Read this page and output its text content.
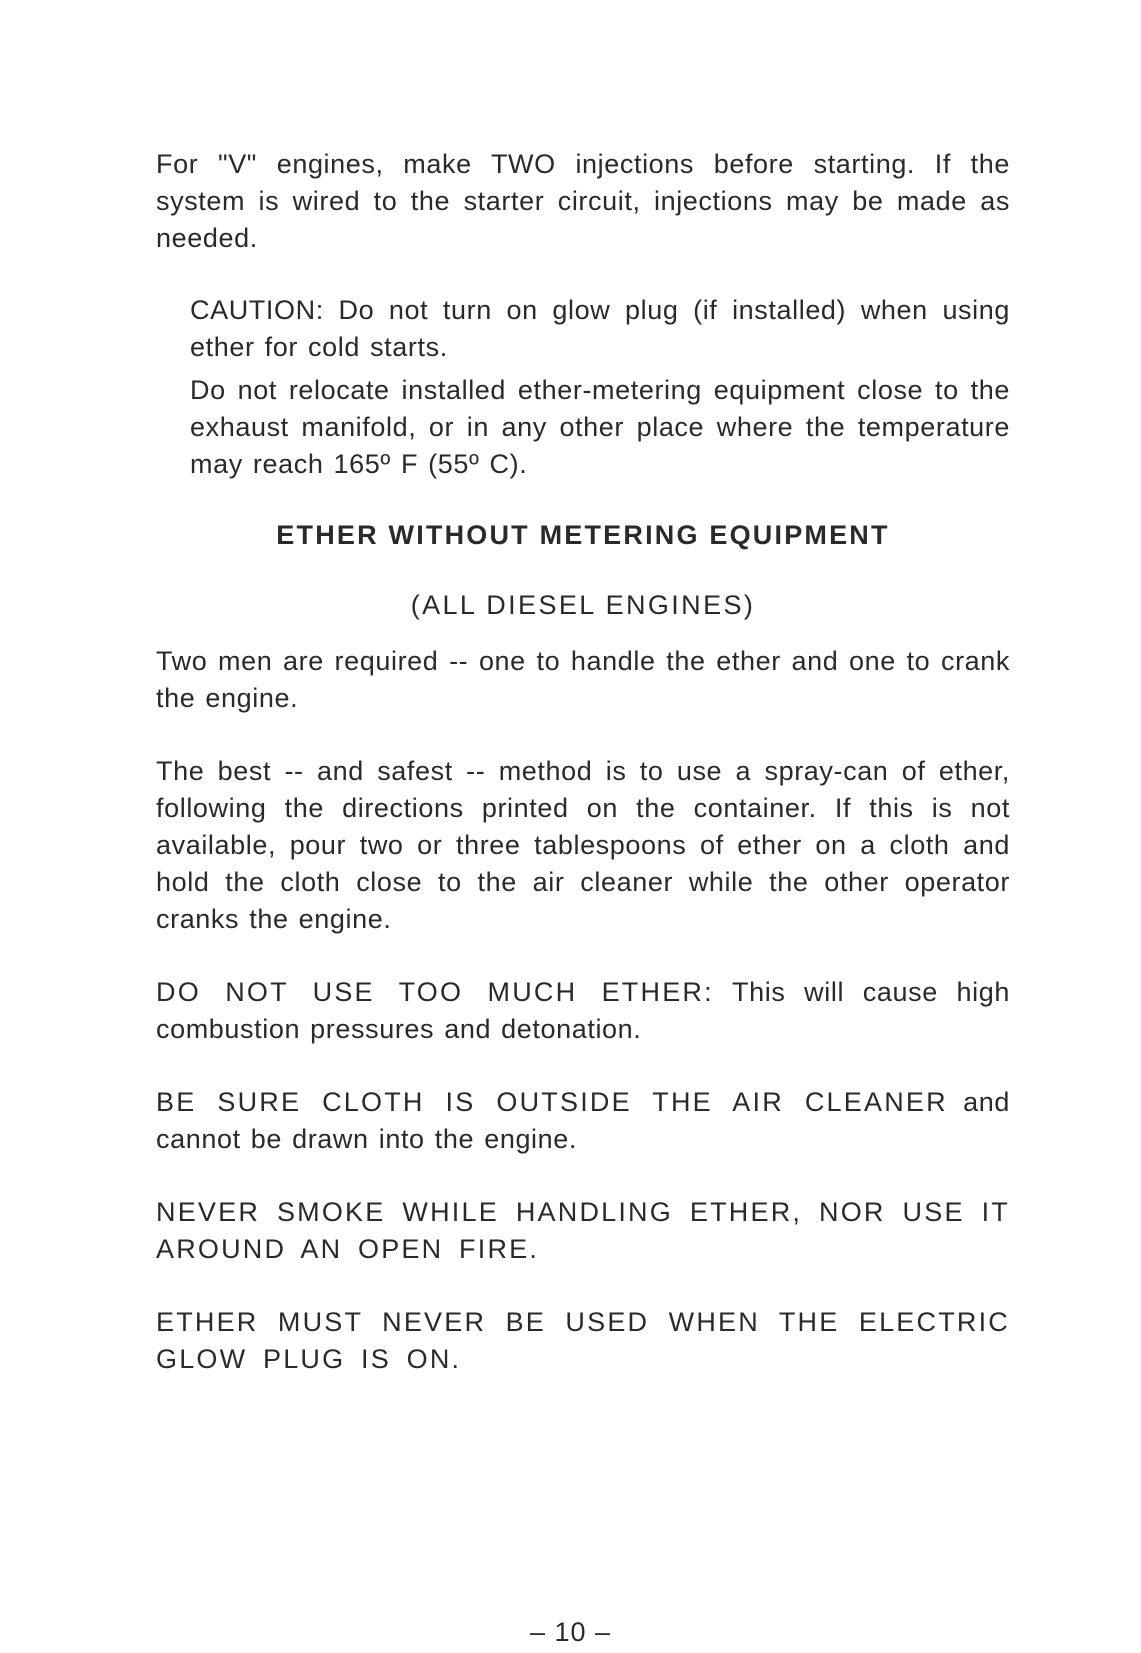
For "V" engines, make TWO injections before starting. If the system is wired to the starter circuit, injections may be made as needed.

CAUTION: Do not turn on glow plug (if installed) when using ether for cold starts.

Do not relocate installed ether-metering equipment close to the exhaust manifold, or in any other place where the temperature may reach 165º F (55º C).

ETHER WITHOUT METERING EQUIPMENT

(ALL DIESEL ENGINES)

Two men are required -- one to handle the ether and one to crank the engine.

The best -- and safest -- method is to use a spray-can of ether, following the directions printed on the container. If this is not available, pour two or three tablespoons of ether on a cloth and hold the cloth close to the air cleaner while the other operator cranks the engine.

DO NOT USE TOO MUCH ETHER: This will cause high combustion pressures and detonation.

BE SURE CLOTH IS OUTSIDE THE AIR CLEANER and cannot be drawn into the engine.

NEVER SMOKE WHILE HANDLING ETHER, NOR USE IT AROUND AN OPEN FIRE.

ETHER MUST NEVER BE USED WHEN THE ELECTRIC GLOW PLUG IS ON.

– 10 –
